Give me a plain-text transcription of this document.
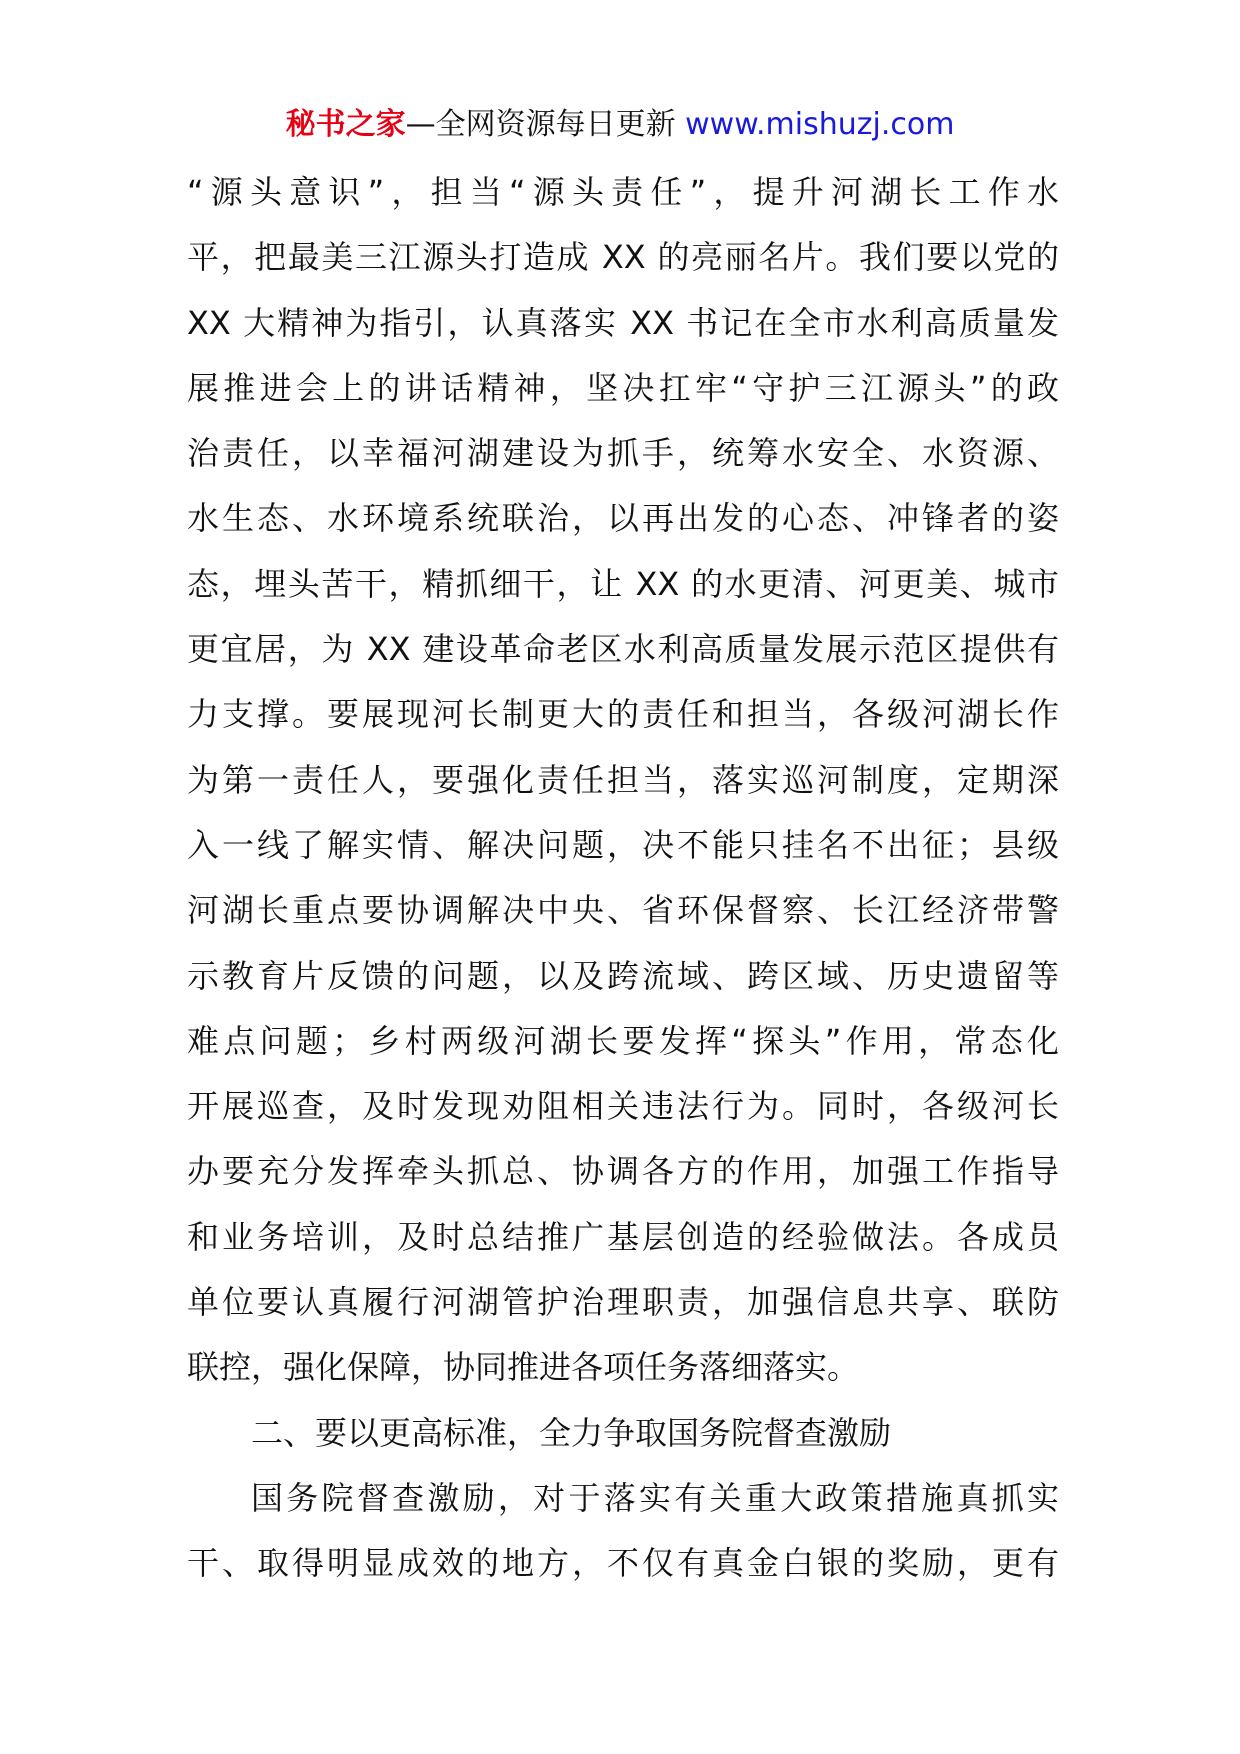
秘书之家—全网资源每日更新 www.mishuzj.com
“源头意识”，担当“源头责任”，提升河湖长工作水
平，把最美三江源头打造成 XX 的亮丽名片。我们要以党的
XX 大精神为指引，认真落实 XX 书记在全市水利高质量发
展推进会上的讲话精神，坚决扛牢“守护三江源头”的政
治责任，以幸福河湖建设为抓手，统筹水安全、水资源、
水生态、水环境系统联治，以再出发的心态、冲锋者的姿
态，埋头苦干，精抓细干，让 XX 的水更清、河更美、城市
更宜居，为 XX 建设革命老区水利高质量发展示范区提供有
力支撑。要展现河长制更大的责任和担当，各级河湖长作
为第一责任人，要强化责任担当，落实巡河制度，定期深
入一线了解实情、解决问题，决不能只挂名不出征；县级
河湖长重点要协调解决中央、省环保督察、长江经济带警
示教育片反馈的问题，以及跨流域、跨区域、历史遗留等
难点问题；乡村两级河湖长要发挥“探头”作用，常态化
开展巡查，及时发现劝阻相关违法行为。同时，各级河长
办要充分发挥牵头抓总、协调各方的作用，加强工作指导
和业务培训，及时总结推广基层创造的经验做法。各成员
单位要认真履行河湖管护治理职责，加强信息共享、联防
联控，强化保障，协同推进各项任务落细落实。
二、要以更高标准，全力争取国务院督查激励
国务院督查激励，对于落实有关重大政策措施真抓实
干、取得明显成效的地方，不仅有真金白银的奖励，更有
